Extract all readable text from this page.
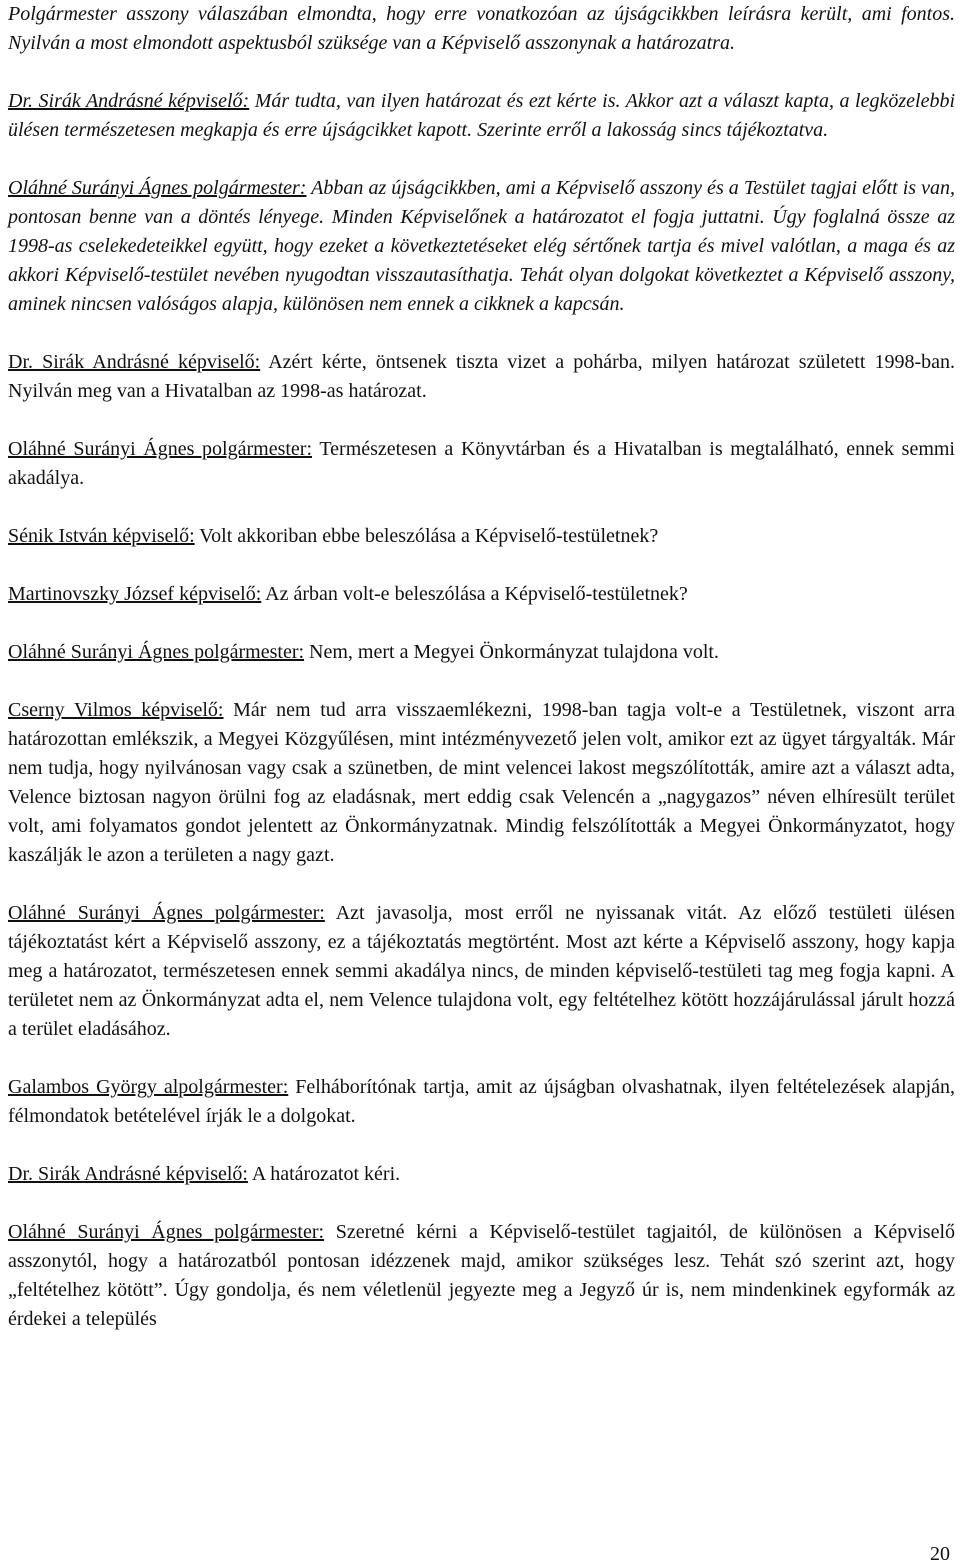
Polgármester asszony válaszában elmondta, hogy erre vonatkozóan az újságcikkben leírásra került, ami fontos. Nyilván a most elmondott aspektusból szüksége van a Képviselő asszonynak a határozatra.

Dr. Sirák Andrásné képviselő: Már tudta, van ilyen határozat és ezt kérte is. Akkor azt a választ kapta, a legközelebbi ülésen természetesen megkapja és erre újságcikket kapott. Szerinte erről a lakosság sincs tájékoztatva.

Oláhné Surányi Ágnes polgármester: Abban az újságcikkben, ami a Képviselő asszony és a Testület tagjai előtt is van, pontosan benne van a döntés lényege. Minden Képviselőnek a határozatot el fogja juttatni. Úgy foglalná össze az 1998-as cselekedeteikkel együtt, hogy ezeket a következtetéseket elég sértőnek tartja és mivel valótlan, a maga és az akkori Képviselő-testület nevében nyugodtan visszautasíthatja. Tehát olyan dolgokat következtet a Képviselő asszony, aminek nincsen valóságos alapja, különösen nem ennek a cikknek a kapcsán.

Dr. Sirák Andrásné képviselő: Azért kérte, öntsenek tiszta vizet a pohárba, milyen határozat született 1998-ban. Nyilván meg van a Hivatalban az 1998-as határozat.

Oláhné Surányi Ágnes polgármester: Természetesen a Könyvtárban és a Hivatalban is megtalálható, ennek semmi akadálya.

Sénik István képviselő: Volt akkoriban ebbe beleszólása a Képviselő-testületnek?

Martinovszky József képviselő: Az árban volt-e beleszólása a Képviselő-testületnek?

Oláhné Surányi Ágnes polgármester: Nem, mert a Megyei Önkormányzat tulajdona volt.

Cserny Vilmos képviselő: Már nem tud arra visszaemlékezni, 1998-ban tagja volt-e a Testületnek, viszont arra határozottan emlékszik, a Megyei Közgyűlésen, mint intézményvezető jelen volt, amikor ezt az ügyet tárgyalták. Már nem tudja, hogy nyilvánosan vagy csak a szünetben, de mint velencei lakost megszólították, amire azt a választ adta, Velence biztosan nagyon örülni fog az eladásnak, mert eddig csak Velencén a „nagygazos” néven elhíresült terület volt, ami folyamatos gondot jelentett az Önkormányzatnak. Mindig felszólították a Megyei Önkormányzatot, hogy kaszálják le azon a területen a nagy gazt.

Oláhné Surányi Ágnes polgármester: Azt javasolja, most erről ne nyissanak vitát. Az előző testületi ülésen tájékoztatást kért a Képviselő asszony, ez a tájékoztatás megtörtént. Most azt kérte a Képviselő asszony, hogy kapja meg a határozatot, természetesen ennek semmi akadálya nincs, de minden képviselő-testületi tag meg fogja kapni. A területet nem az Önkormányzat adta el, nem Velence tulajdona volt, egy feltételhez kötött hozzájárulással járult hozzá a terület eladásához.

Galambos György alpolgármester: Felháborítónak tartja, amit az újságban olvashatnak, ilyen feltételezések alapján, félmondatok betételével írják le a dolgokat.

Dr. Sirák Andrásné képviselő: A határozatot kéri.

Oláhné Surányi Ágnes polgármester: Szeretné kérni a Képviselő-testület tagjaitól, de különösen a Képviselő asszonytól, hogy a határozatból pontosan idézzenek majd, amikor szükséges lesz. Tehát szó szerint azt, hogy „feltételhez kötött”. Úgy gondolja, és nem véletlenül jegyezte meg a Jegyző úr is, nem mindenkinek egyformák az érdekei a település

20
